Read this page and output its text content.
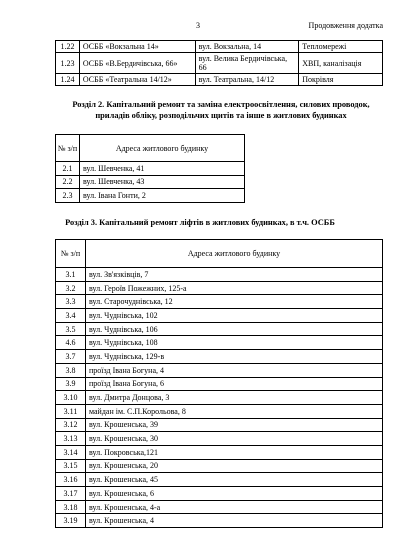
3	Продовження додатка
1.22	ОСББ «Вокзальна 14»	вул. Вокзальна, 14	Тепломережі
1.23	ОСББ «В.Бердичівська, 66»	вул. Велика Бердичівська, 66	ХВП, каналізація
1.24	ОСББ «Театральна 14/12»	вул. Театральна, 14/12	Покрівля
Розділ 2. Капітальний ремонт та заміна електроосвітлення, силових проводок, приладів обліку, розподільчих щитів та інше в житлових будинках
№ з/п	Адреса житлового будинку
2.1	вул. Шевченка, 41
2.2	вул. Шевченка, 43
2.3	вул. Івана Гонти, 2
Розділ 3. Капітальний ремонт ліфтів в житлових будинках, в т.ч. ОСББ
№ з/п	Адреса житлового будинку
3.1	вул. Зв'язківців, 7
3.2	вул. Героїв Пожежних, 125-а
3.3	вул. Старочуднівська, 12
3.4	вул. Чуднівська, 102
3.5	вул. Чуднівська, 106
4.6	вул. Чуднівська, 108
3.7	вул. Чуднівська, 129-в
3.8	проїзд Івана Богуна, 4
3.9	проїзд Івана Богуна, 6
3.10	вул. Дмитра Донцова, 3
3.11	майдан ім. С.П.Корольова, 8
3.12	вул. Крошенська, 39
3.13	вул. Крошенська, 30
3.14	вул. Покровська,121
3.15	вул. Крошенська, 20
3.16	вул. Крошенська, 45
3.17	вул. Крошенська, 6
3.18	вул. Крошенська, 4-а
3.19	вул. Крошенська, 4
